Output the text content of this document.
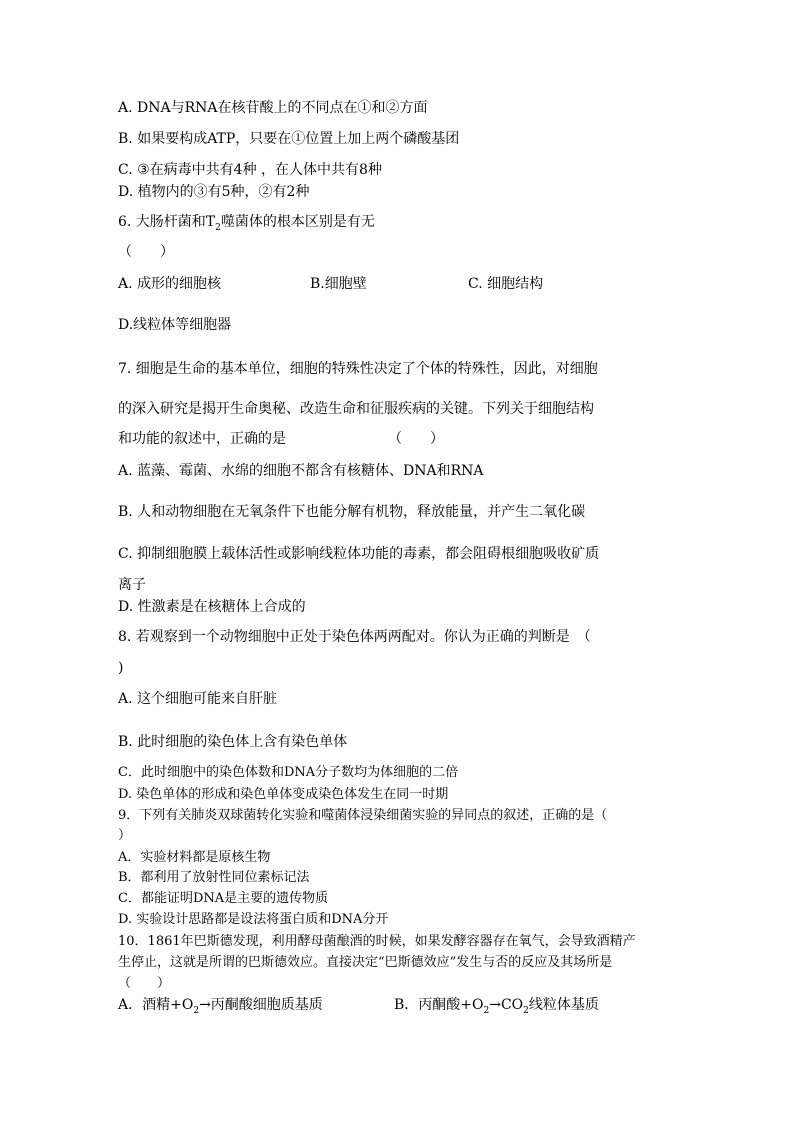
A. DNA与RNA在核苷酸上的不同点在①和②方面
B. 如果要构成ATP，只要在①位置上加上两个磷酸基团
C. ③在病毒中共有4种 ，在人体中共有8种
D. 植物内的③有5种，②有2种
6. 大肠杆菌和$T_2$噬菌体的根本区别是有无
（　　）
A. 成形的细胞核	B.细胞壁	C. 细胞结构
D.线粒体等细胞器
7. 细胞是生命的基本单位，细胞的特殊性决定了个体的特殊性，因此，对细胞
的深入研究是揭开生命奥秘、改造生命和征服疾病的关键。下列关于细胞结构
和功能的叙述中，正确的是	（　　）
A. 蓝藻、霉菌、水绵的细胞不都含有核糖体、DNA和RNA
B. 人和动物细胞在无氧条件下也能分解有机物，释放能量，并产生二氧化碳
C. 抑制细胞膜上载体活性或影响线粒体功能的毒素，都会阻碍根细胞吸收矿质
离子
D. 性激素是在核糖体上合成的
8. 若观察到一个动物细胞中正处于染色体两两配对。你认为正确的判断是　（
)
A. 这个细胞可能来自肝脏
B. 此时细胞的染色体上含有染色单体
C．此时细胞中的染色体数和DNA分子数均为体细胞的二倍
D. 染色单体的形成和染色单体变成染色体发生在同一时期
9．下列有关肺炎双球菌转化实验和噬菌体浸染细菌实验的异同点的叙述，正确的是（
）
A．实验材料都是原核生物
B．都利用了放射性同位素标记法
C．都能证明DNA是主要的遗传物质
D. 实验设计思路都是设法将蛋白质和DNA分开
10．1861年巴斯德发现，利用酵母菌酿酒的时候，如果发酵容器存在氧气，会导致酒精产
生停止，这就是所谓的巴斯德效应。直接决定“巴斯德效应”发生与否的反应及其场所是
（　　）
A．酒精$+O_2\to$丙酮酸细胞质基质	B．丙酮酸$+O_2\to CO_2$线粒体基质
